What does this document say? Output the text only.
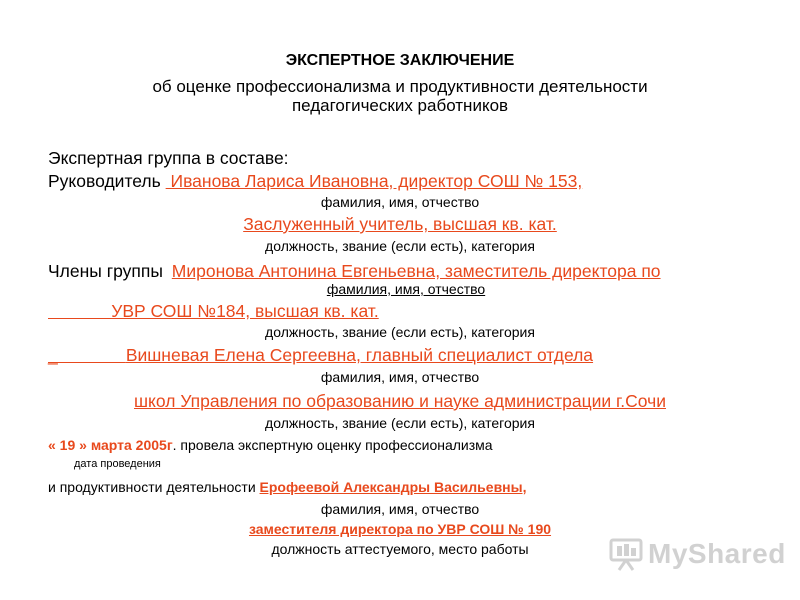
ЭКСПЕРТНОЕ ЗАКЛЮЧЕНИЕ
об оценке профессионализма и продуктивности деятельности
педагогических работников
Экспертная группа в составе:
Руководитель  Иванова Лариса Ивановна, директор СОШ № 153,
фамилия, имя, отчество
Заслуженный учитель, высшая кв. кат.
должность, звание (если есть), категория
Члены группы Миронова Антонина Евгеньевна, заместитель директора по
фамилия, имя, отчество
УВР СОШ №184, высшая кв. кат.
должность, звание (если есть), категория
_              Вишневая Елена Сергеевна, главный специалист отдела
фамилия, имя, отчество
школ Управления по образованию и науке администрации г.Сочи
должность, звание (если есть), категория
« 19 » марта 2005г. провела экспертную оценку профессионализма
дата проведения
и продуктивности деятельности Ерофеевой Александры Васильевны,
фамилия, имя, отчество
заместителя директора по УВР СОШ № 190
должность аттестуемого, место работы	MyShared
